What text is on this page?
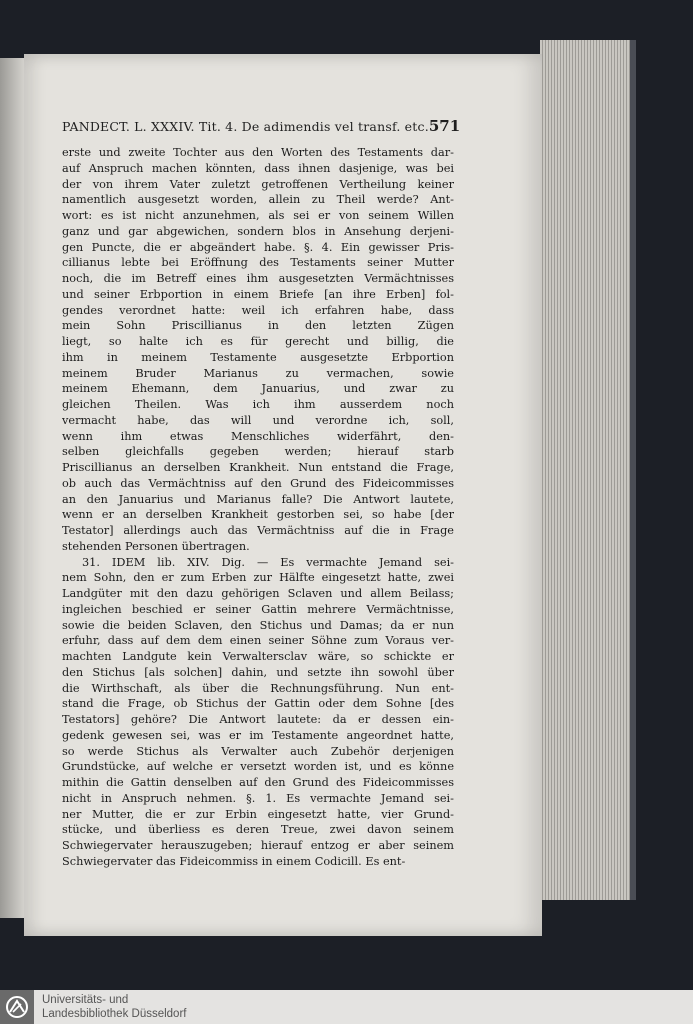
PANDECT. L. XXXIV. Tit. 4. De adimendis vel transf. etc. 571
erste und zweite Tochter aus den Worten des Testaments dar-
auf Anspruch machen könnten, dass ihnen dasjenige, was bei
der von ihrem Vater zuletzt getroffenen Vertheilung keiner
namentlich ausgesetzt worden, allein zu Theil werde? Ant-
wort: es ist nicht anzunehmen, als sei er von seinem Willen
ganz und gar abgewichen, sondern blos in Ansehung derjeni-
gen Puncte, die er abgeändert habe. §. 4. Ein gewisser Pris-
cillianus lebte bei Eröffnung des Testaments seiner Mutter
noch, die im Betreff eines ihm ausgesetzten Vermächtnisses
und seiner Erbportion in einem Briefe [an ihre Erben] fol-
gendes verordnet hatte: weil ich erfahren habe, dass
mein Sohn Priscillianus in den letzten Zügen
liegt, so halte ich es für gerecht und billig, die
ihm in meinem Testamente ausgesetzte Erbportion
meinem Bruder Marianus zu vermachen, sowie
meinem Ehemann, dem Januarius, und zwar zu
gleichen Theilen. Was ich ihm ausserdem noch
vermacht habe, das will und verordne ich, soll,
wenn ihm etwas Menschliches widerfährt, den-
selben gleichfalls gegeben werden; hierauf starb
Priscillianus an derselben Krankheit. Nun entstand die Frage,
ob auch das Vermächtniss auf den Grund des Fideicommisses
an den Januarius und Marianus falle? Die Antwort lautete,
wenn er an derselben Krankheit gestorben sei, so habe [der
Testator] allerdings auch das Vermächtniss auf die in Frage
stehenden Personen übertragen.
31. IDEM lib. XIV. Dig. — Es vermachte Jemand sei-
nem Sohn, den er zum Erben zur Hälfte eingesetzt hatte, zwei
Landgüter mit den dazu gehörigen Sclaven und allem Beilass;
ingleichen beschied er seiner Gattin mehrere Vermächtnisse,
sowie die beiden Sclaven, den Stichus und Damas; da er nun
erfuhr, dass auf dem dem einen seiner Söhne zum Voraus ver-
machten Landgute kein Verwaltersclav wäre, so schickte er
den Stichus [als solchen] dahin, und setzte ihn sowohl über
die Wirthschaft, als über die Rechnungsführung. Nun ent-
stand die Frage, ob Stichus der Gattin oder dem Sohne [des
Testators] gehöre? Die Antwort lautete: da er dessen ein-
gedenk gewesen sei, was er im Testamente angeordnet hatte,
so werde Stichus als Verwalter auch Zubehör derjenigen
Grundstücke, auf welche er versetzt worden ist, und es könne
mithin die Gattin denselben auf den Grund des Fideicommisses
nicht in Anspruch nehmen. §. 1. Es vermachte Jemand sei-
ner Mutter, die er zur Erbin eingesetzt hatte, vier Grund-
stücke, und überliess es deren Treue, zwei davon seinem
Schwiegervater herauszugeben; hierauf entzog er aber seinem
Schwiegervater das Fideicommiss in einem Codicill. Es ent-
Universitäts- und
Landesbibliothek Düsseldorf
